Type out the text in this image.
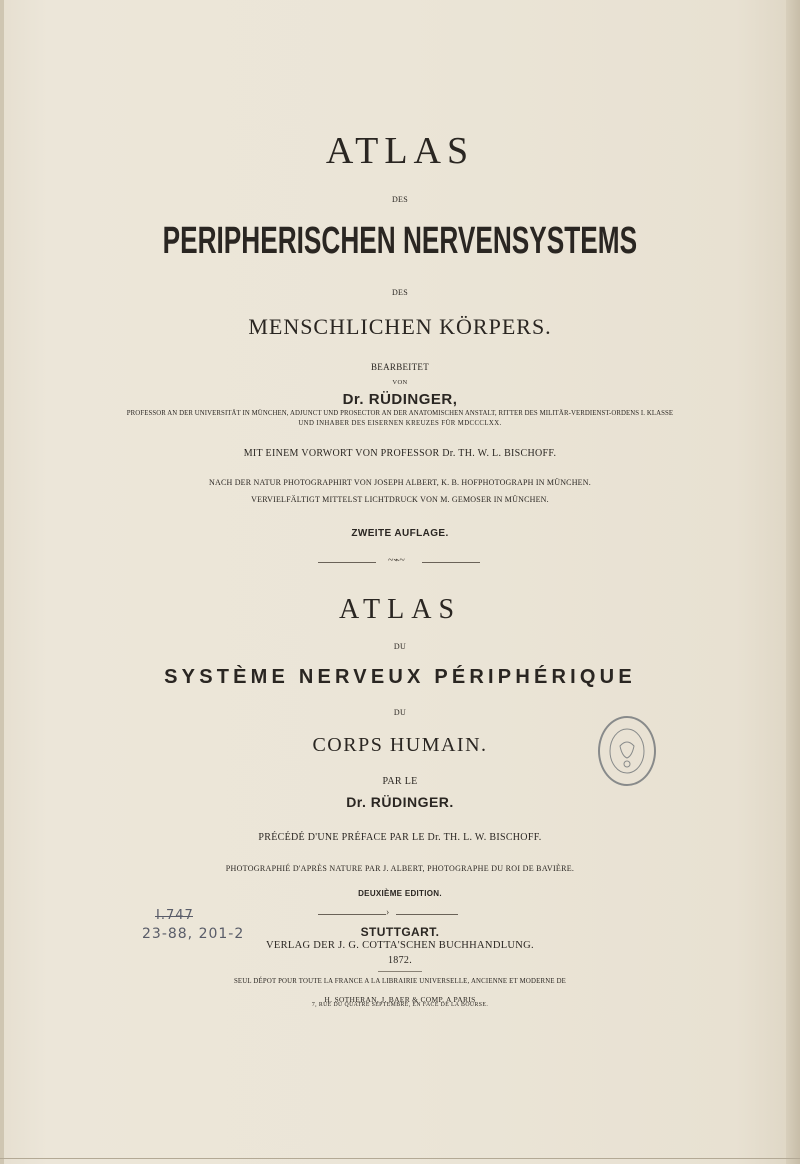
ATLAS
DES
PERIPHERISCHEN NERVENSYSTEMS
DES
MENSCHLICHEN KÖRPERS.
BEARBEITET
VON
Dr. RÜDINGER,
PROFESSOR AN DER UNIVERSITÄT IN MÜNCHEN, ADJUNCT UND PROSECTOR AN DER ANATOMISCHEN ANSTALT, RITTER DES MILITÄR-VERDIENST-ORDENS I. KLASSE
UND INHABER DES EISERNEN KREUZES FÜR MDCCCLXX.
MIT EINEM VORWORT VON PROFESSOR Dr. TH. W. L. BISCHOFF.
NACH DER NATUR PHOTOGRAPHIRT VON JOSEPH ALBERT, K. B. HOFPHOTOGRAPH IN MÜNCHEN.
VERVIELFÄLTIGT MITTELST LICHTDRUCK VON M. GEMOSER IN MÜNCHEN.
ZWEITE AUFLAGE.
~⌁~
ATLAS
DU
SYSTÈME NERVEUX PÉRIPHÉRIQUE
DU
CORPS HUMAIN.
PAR LE
Dr. RÜDINGER.
PRÉCÉDÉ D'UNE PRÉFACE PAR LE Dr. TH. L. W. BISCHOFF.
PHOTOGRAPHIÉ D'APRÈS NATURE PAR J. ALBERT, PHOTOGRAPHE DU ROI DE BAVIÈRE.
DEUXIÈME EDITION.
›
STUTTGART.
VERLAG DER J. G. COTTA'SCHEN BUCHHANDLUNG.
1872.
SEUL DÉPOT POUR TOUTE LA FRANCE A LA LIBRAIRIE UNIVERSELLE, ANCIENNE ET MODERNE DE
H. SOTHERAN, J. BAER & COMP. A PARIS
7, RUE DU QUATRE SEPTEMBRE, EN FACE DE LA BOURSE.
I.747
23-88, 201-2
